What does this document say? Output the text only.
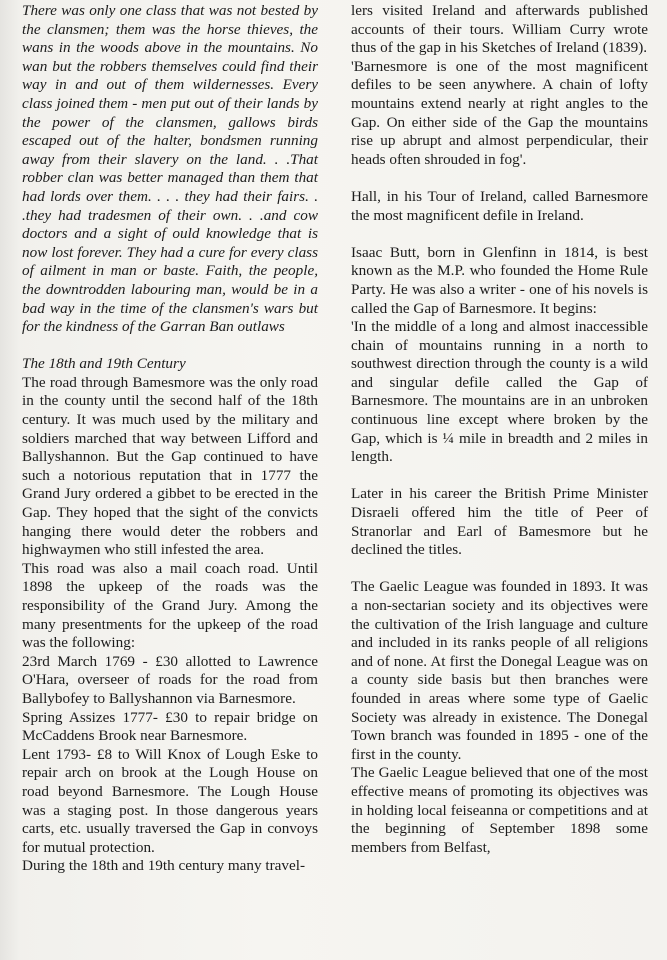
There was only one class that was not bested by the clansmen; them was the horse thieves, the wans in the woods above in the mountains. No wan but the robbers themselves could find their way in and out of them wildernesses. Every class joined them - men put out of their lands by the power of the clansmen, gallows birds escaped out of the halter, bondsmen running away from their slavery on the land. . .That robber clan was better managed than them that had lords over them. . . . they had their fairs. . .they had tradesmen of their own. . .and cow doctors and a sight of ould knowledge that is now lost forever. They had a cure for every class of ailment in man or baste. Faith, the people, the downtrodden labouring man, would be in a bad way in the time of the clansmen's wars but for the kindness of the Garran Ban outlaws

The 18th and 19th Century

The road through Bamesmore was the only road in the county until the second half of the 18th century. It was much used by the military and soldiers marched that way between Lifford and Ballyshannon. But the Gap continued to have such a notorious reputation that in 1777 the Grand Jury ordered a gibbet to be erected in the Gap. They hoped that the sight of the convicts hanging there would deter the robbers and highwaymen who still infested the area.

This road was also a mail coach road. Until 1898 the upkeep of the roads was the responsibility of the Grand Jury. Among the many presentments for the upkeep of the road was the following:

23rd March 1769 - £30 allotted to Lawrence O'Hara, overseer of roads for the road from Ballybofey to Ballyshannon via Barnesmore.

Spring Assizes 1777- £30 to repair bridge on McCaddens Brook near Barnesmore.

Lent 1793- £8 to Will Knox of Lough Eske to repair arch on brook at the Lough House on road beyond Barnesmore. The Lough House was a staging post. In those dangerous years carts, etc. usually traversed the Gap in convoys for mutual protection.

During the 18th and 19th century many travel-

lers visited Ireland and afterwards published accounts of their tours. William Curry wrote thus of the gap in his Sketches of Ireland (1839).

'Barnesmore is one of the most magnificent defiles to be seen anywhere. A chain of lofty mountains extend nearly at right angles to the Gap. On either side of the Gap the mountains rise up abrupt and almost perpendicular, their heads often shrouded in fog'.

Hall, in his Tour of Ireland, called Barnesmore the most magnificent defile in Ireland.

Isaac Butt, born in Glenfinn in 1814, is best known as the M.P. who founded the Home Rule Party. He was also a writer - one of his novels is called the Gap of Barnesmore. It begins:

'In the middle of a long and almost inaccessible chain of mountains running in a north to southwest direction through the county is a wild and singular defile called the Gap of Barnesmore. The mountains are in an unbroken continuous line except where broken by the Gap, which is ¼ mile in breadth and 2 miles in length.

Later in his career the British Prime Minister Disraeli offered him the title of Peer of Stranorlar and Earl of Bamesmore but he declined the titles.

The Gaelic League was founded in 1893. It was a non-sectarian society and its objectives were the cultivation of the Irish language and culture and included in its ranks people of all religions and of none. At first the Donegal League was on a county side basis but then branches were founded in areas where some type of Gaelic Society was already in existence. The Donegal Town branch was founded in 1895 - one of the first in the county.

The Gaelic League believed that one of the most effective means of promoting its objectives was in holding local feiseanna or competitions and at the beginning of September 1898 some members from Belfast,
